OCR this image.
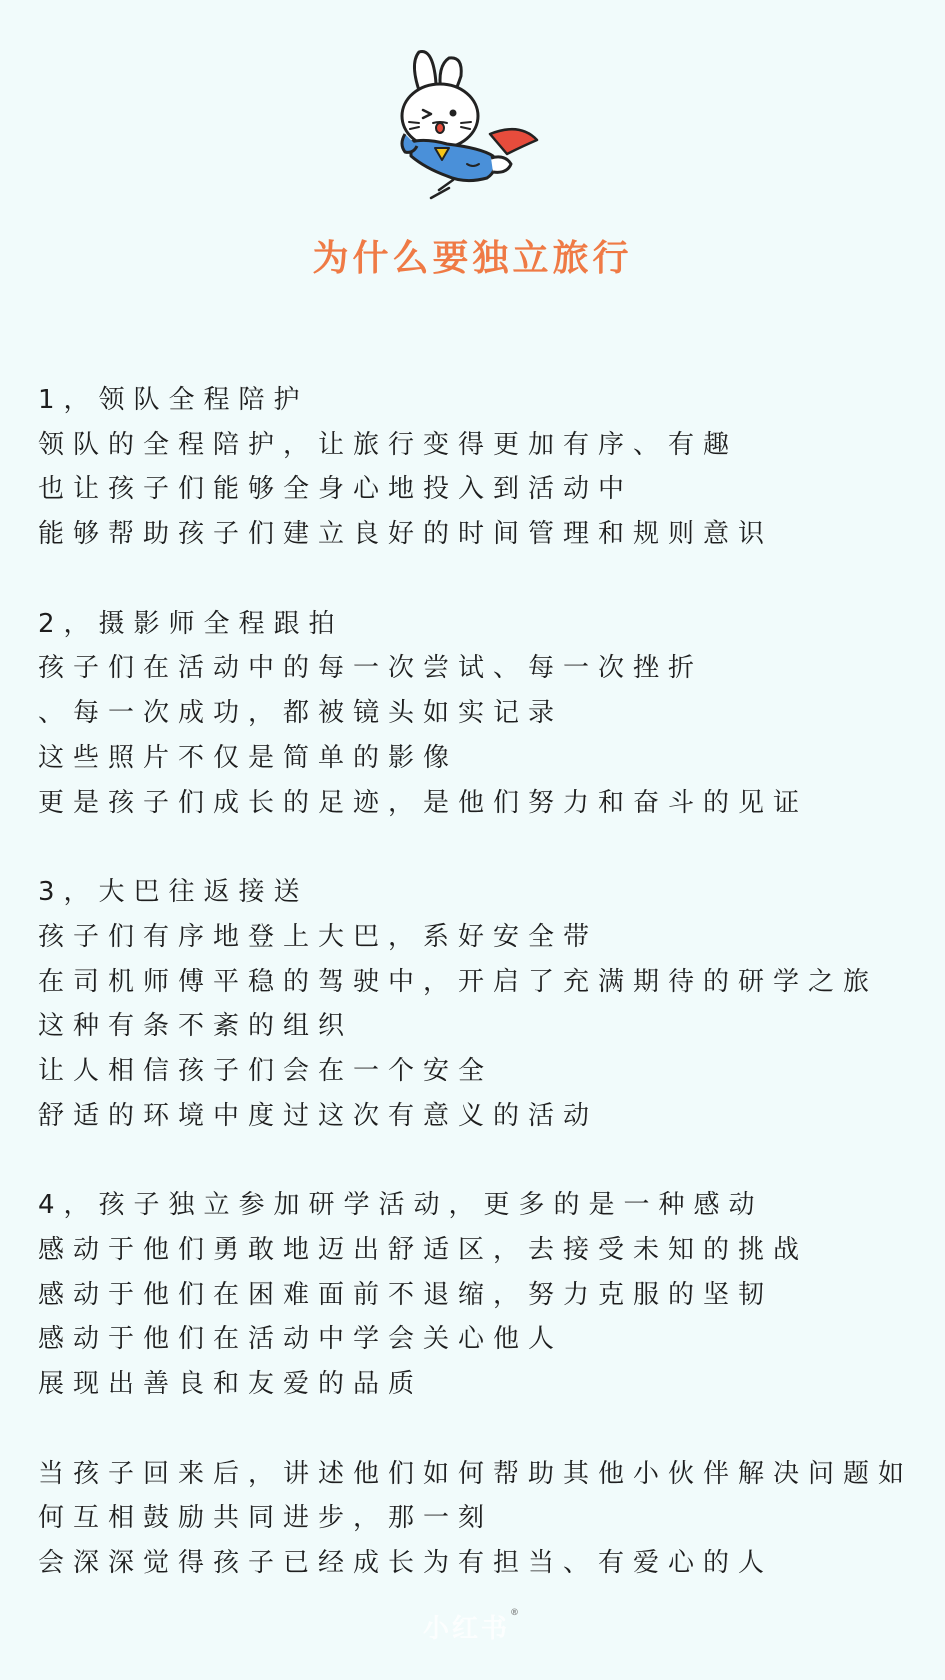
为什么要独立旅行
1，领队全程陪护
领队的全程陪护，让旅行变得更加有序、有趣
也让孩子们能够全身心地投入到活动中
能够帮助孩子们建立良好的时间管理和规则意识
2，摄影师全程跟拍
孩子们在活动中的每一次尝试、每一次挫折
、每一次成功，都被镜头如实记录
这些照片不仅是简单的影像
更是孩子们成长的足迹，是他们努力和奋斗的见证
3，大巴往返接送
孩子们有序地登上大巴，系好安全带
在司机师傅平稳的驾驶中，开启了充满期待的研学之旅
这种有条不紊的组织
让人相信孩子们会在一个安全
舒适的环境中度过这次有意义的活动
4，孩子独立参加研学活动，更多的是一种感动
感动于他们勇敢地迈出舒适区，去接受未知的挑战
感动于他们在困难面前不退缩，努力克服的坚韧
感动于他们在活动中学会关心他人
展现出善良和友爱的品质
当孩子回来后，讲述他们如何帮助其他小伙伴解决问题如
何互相鼓励共同进步，那一刻
会深深觉得孩子已经成长为有担当、有爱心的人
小红书®
